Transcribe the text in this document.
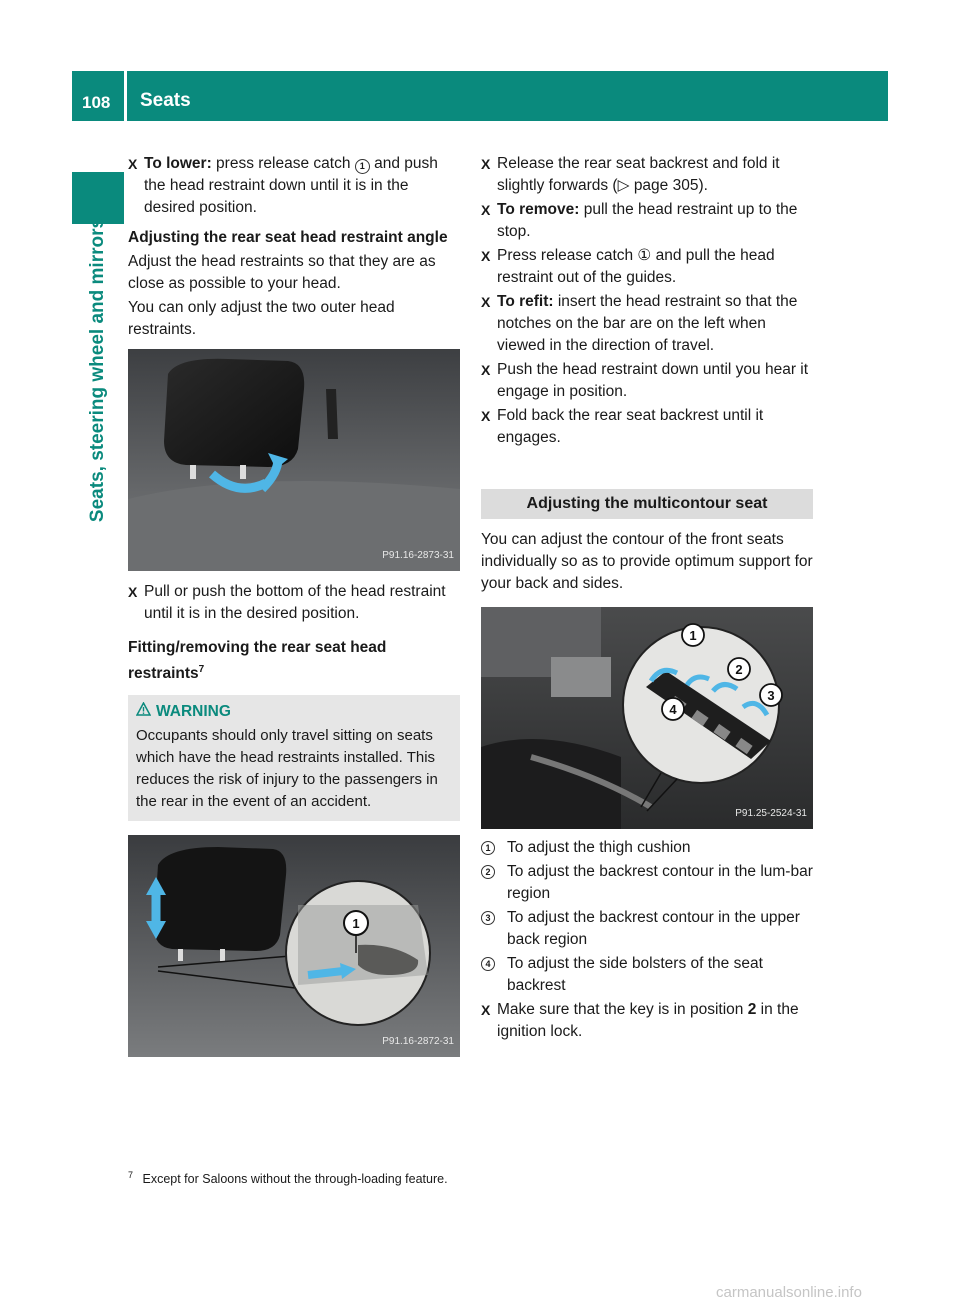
108 Seats
Seats, steering wheel and mirrors
X To lower: press release catch 1 and push the head restraint down until it is in the desired position.
Adjusting the rear seat head restraint angle
Adjust the head restraints so that they are as close as possible to your head.
You can only adjust the two outer head restraints.
P91.16-2873-31
X Pull or push the bottom of the head restraint until it is in the desired position.
Fitting/removing the rear seat head restraints$^7$
WARNING
Occupants should only travel sitting on seats which have the head restraints installed. This reduces the risk of injury to the passengers in the rear in the event of an accident.
1
P91.16-2872-31
X Release the rear seat backrest and fold it slightly forwards (▷ page 305).
X To remove: pull the head restraint up to the stop.
X Press release catch ① and pull the head restraint out of the guides.
X To refit: insert the head restraint so that the notches on the bar are on the left when viewed in the direction of travel.
X Push the head restraint down until you hear it engage in position.
X Fold back the rear seat backrest until it engages.
Adjusting the multicontour seat
You can adjust the contour of the front seats individually so as to provide optimum support for your back and sides.
1
2
3
4
P91.25-2524-31
1 To adjust the thigh cushion
2 To adjust the backrest contour in the lum-bar region
3 To adjust the backrest contour in the upper back region
4 To adjust the side bolsters of the seat backrest
X Make sure that the key is in position 2 in the ignition lock.
$^7$ Except for Saloons without the through-loading feature.
carmanualsonline.info
